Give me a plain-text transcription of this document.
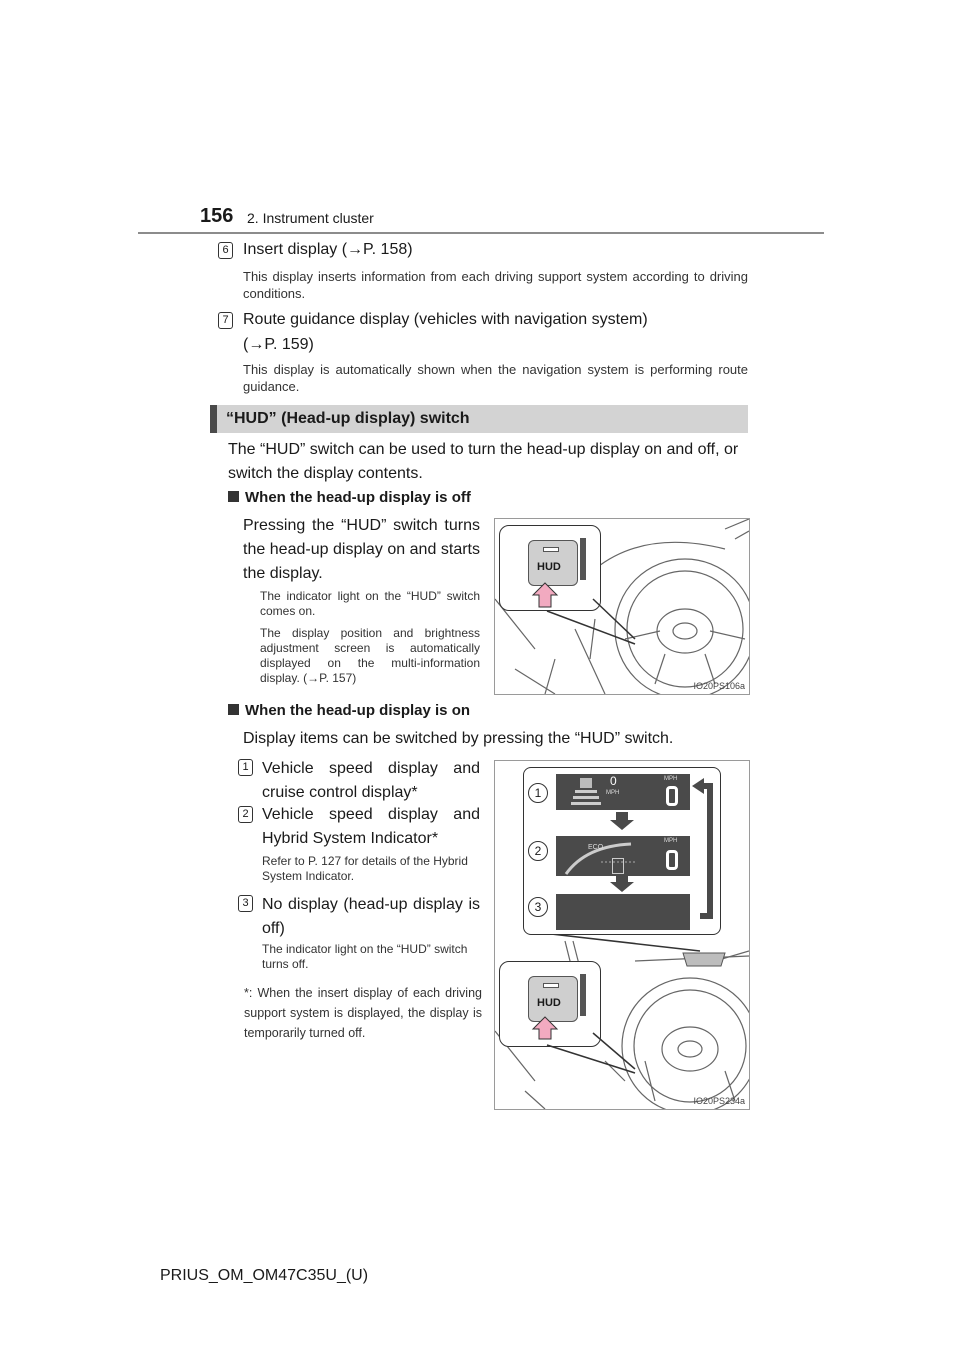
156 2. Instrument cluster
6 Insert display (→P. 158)
This display inserts information from each driving support system according to driving conditions.
7 Route guidance display (vehicles with navigation system)
(→P. 159)
This display is automatically shown when the navigation system is performing route guidance.
“HUD” (Head-up display) switch
The “HUD” switch can be used to turn the head-up display on and off, or switch the display contents.
When the head-up display is off
Pressing the “HUD” switch turns the head-up display on and starts the display.
The indicator light on the “HUD” switch comes on.
The display position and brightness adjustment screen is automatically displayed on the multi-information display. (→P. 157)
HUD
IO20PS106a
When the head-up display is on
Display items can be switched by pressing the “HUD” switch.
1 Vehicle speed display and cruise control display*
2 Vehicle speed display and Hybrid System Indicator*
Refer to P. 127 for details of the Hybrid System Indicator.
3 No display (head-up display is off)
The indicator light on the “HUD” switch turns off.
*: When the insert display of each driving support system is displayed, the display is temporarily turned off.
0
MPH
MPH
ECO
MPH
1
2
3
HUD
IO20PS234a
PRIUS_OM_OM47C35U_(U)
